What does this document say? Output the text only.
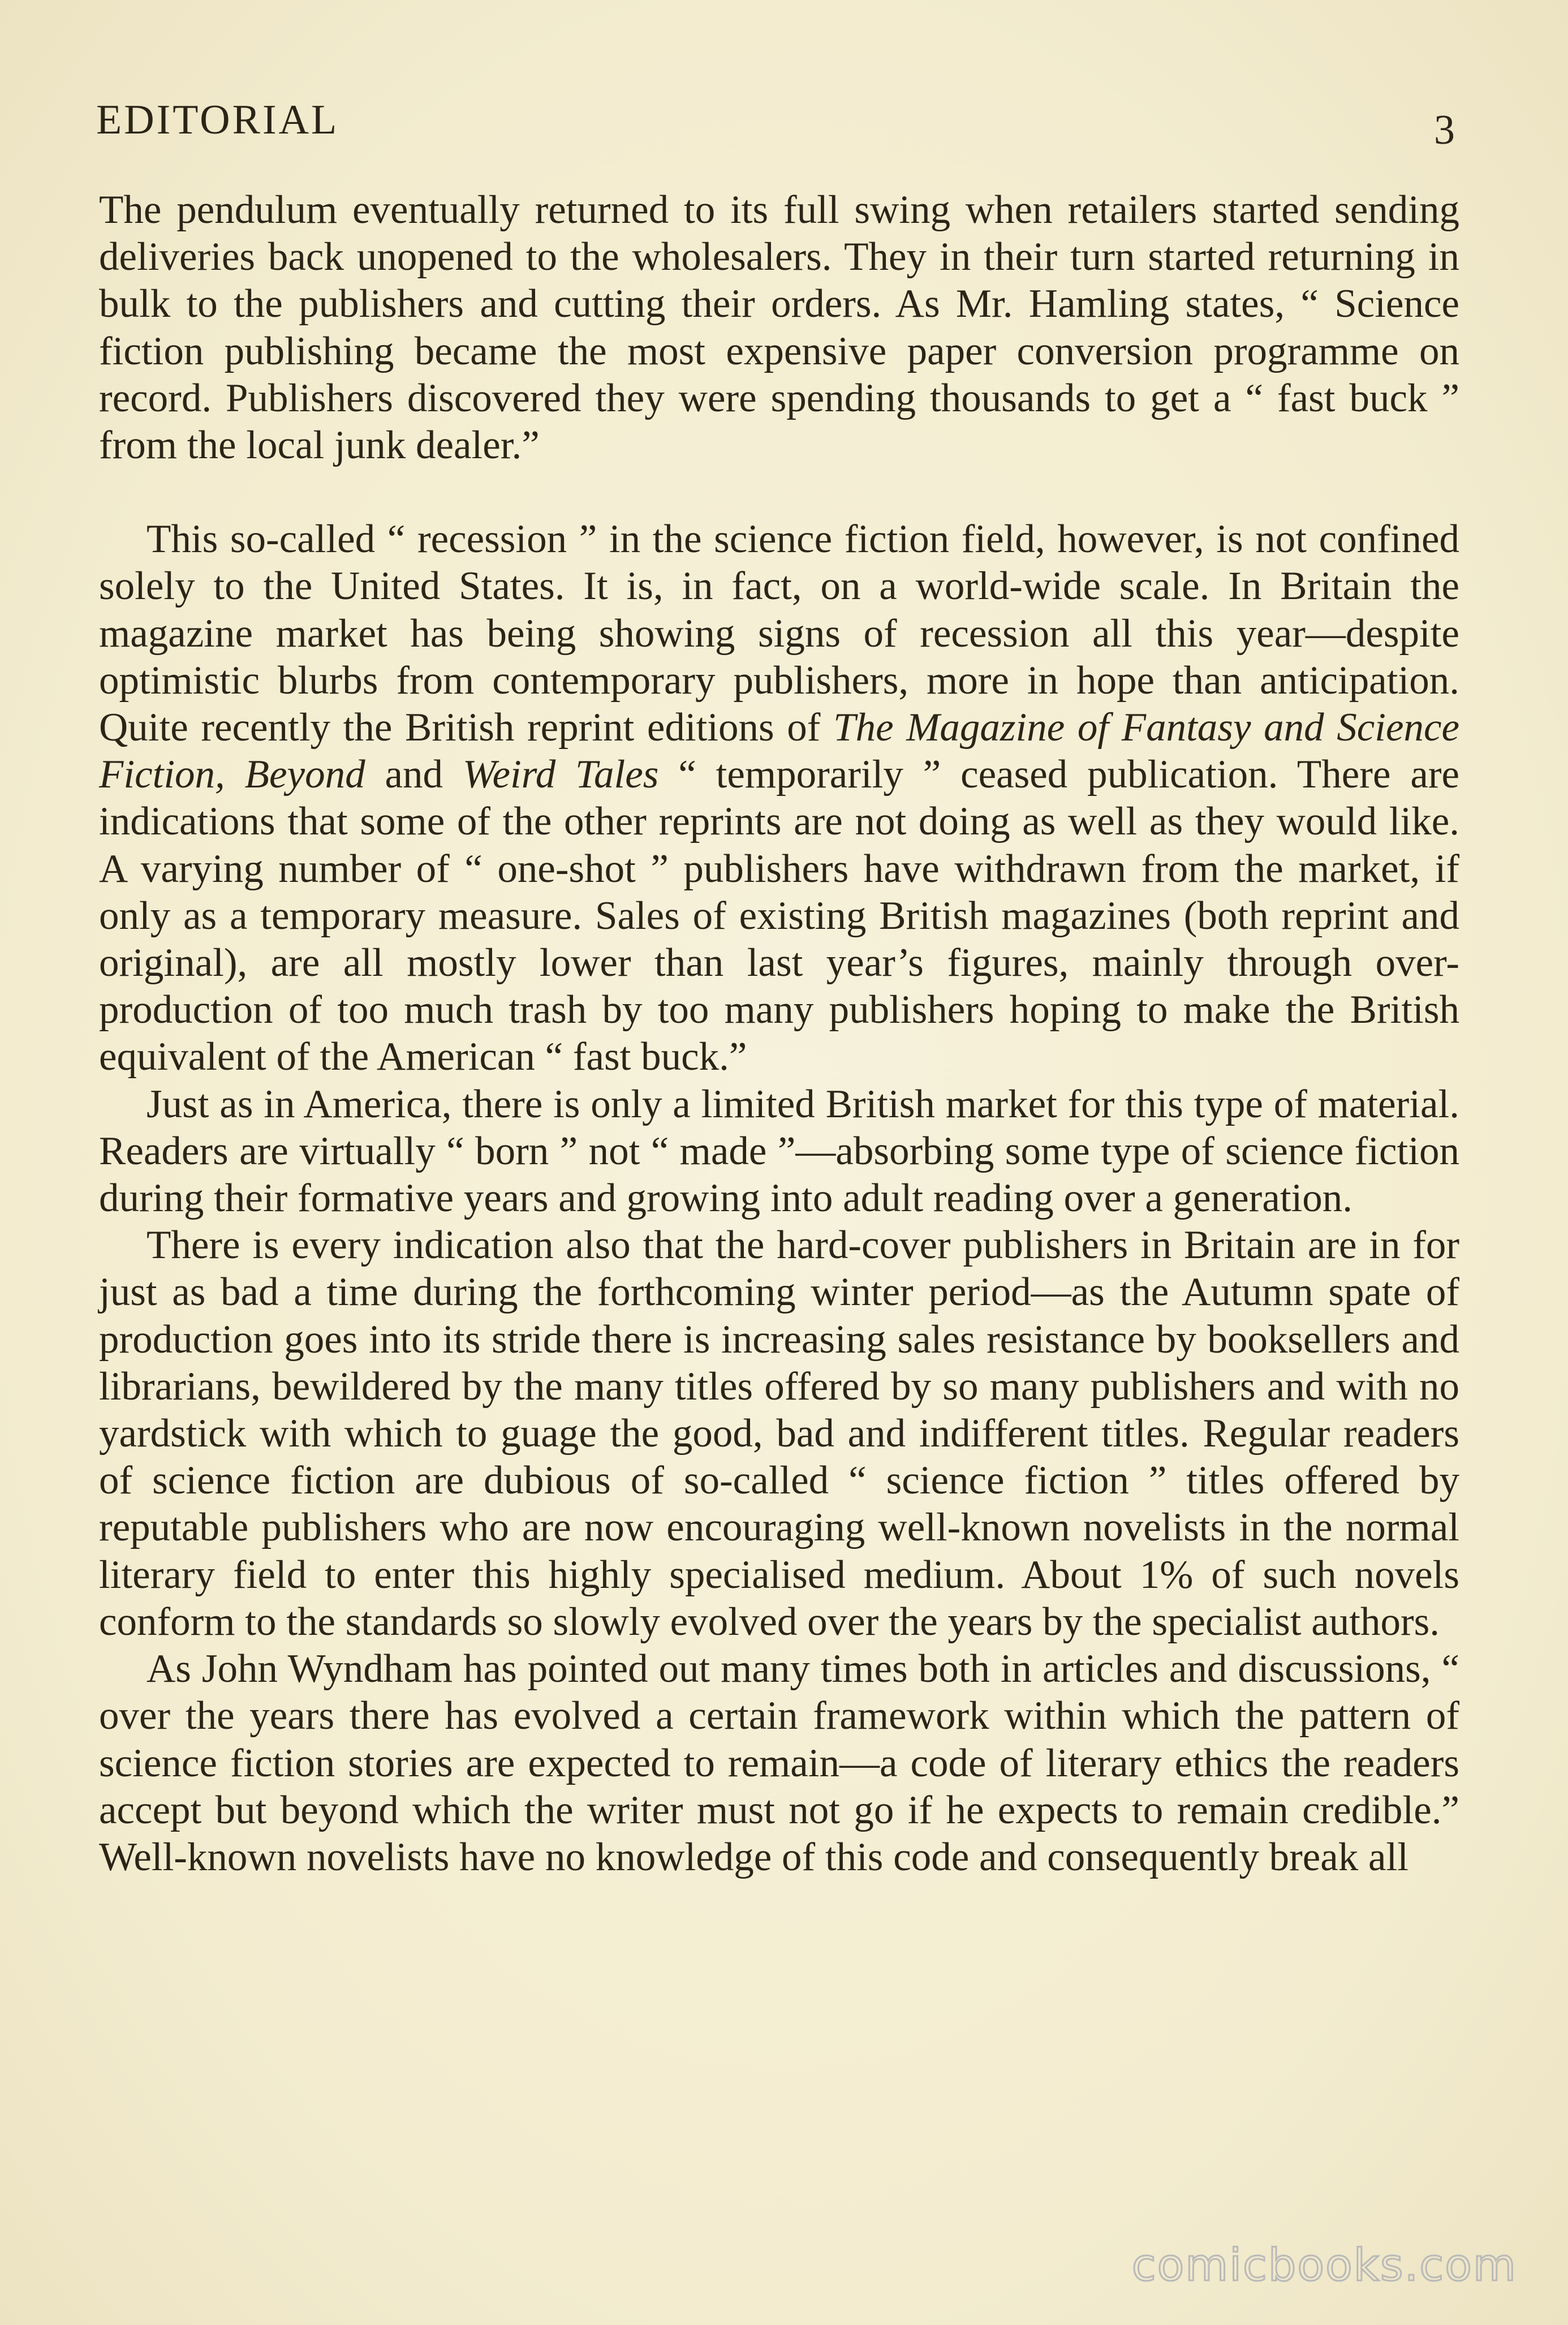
EDITORIAL	3

The pendulum eventually returned to its full swing when retailers started sending deliveries back unopened to the wholesalers. They in their turn started returning in bulk to the publishers and cutting their orders. As Mr. Hamling states, “ Science fiction publishing became the most expensive paper conversion programme on record. Publishers discovered they were spending thousands to get a “ fast buck ” from the local junk dealer.”

This so-called “ recession ” in the science fiction field, however, is not confined solely to the United States. It is, in fact, on a world-wide scale. In Britain the magazine market has being showing signs of recession all this year—despite optimistic blurbs from contemporary publishers, more in hope than anticipation. Quite recently the British reprint editions of The Magazine of Fantasy and Science Fiction, Beyond and Weird Tales “ temporarily ” ceased publication. There are indications that some of the other reprints are not doing as well as they would like. A varying number of “ one-shot ” publishers have withdrawn from the market, if only as a temporary measure. Sales of existing British magazines (both reprint and original), are all mostly lower than last year’s figures, mainly through over-production of too much trash by too many publishers hoping to make the British equivalent of the American “ fast buck.”

Just as in America, there is only a limited British market for this type of material. Readers are virtually “ born ” not “ made ”—absorbing some type of science fiction during their formative years and growing into adult reading over a generation.

There is every indication also that the hard-cover publishers in Britain are in for just as bad a time during the forthcoming winter period—as the Autumn spate of production goes into its stride there is increasing sales resistance by booksellers and librarians, bewildered by the many titles offered by so many publishers and with no yardstick with which to guage the good, bad and indifferent titles. Regular readers of science fiction are dubious of so-called “ science fiction ” titles offered by reputable publishers who are now encouraging well-known novelists in the normal literary field to enter this highly specialised medium. About 1% of such novels conform to the standards so slowly evolved over the years by the specialist authors.

As John Wyndham has pointed out many times both in articles and discussions, “ over the years there has evolved a certain framework within which the pattern of science fiction stories are expected to remain—a code of literary ethics the readers accept but beyond which the writer must not go if he expects to remain credible.” Well-known novelists have no knowledge of this code and consequently break all

comicbooks.com
